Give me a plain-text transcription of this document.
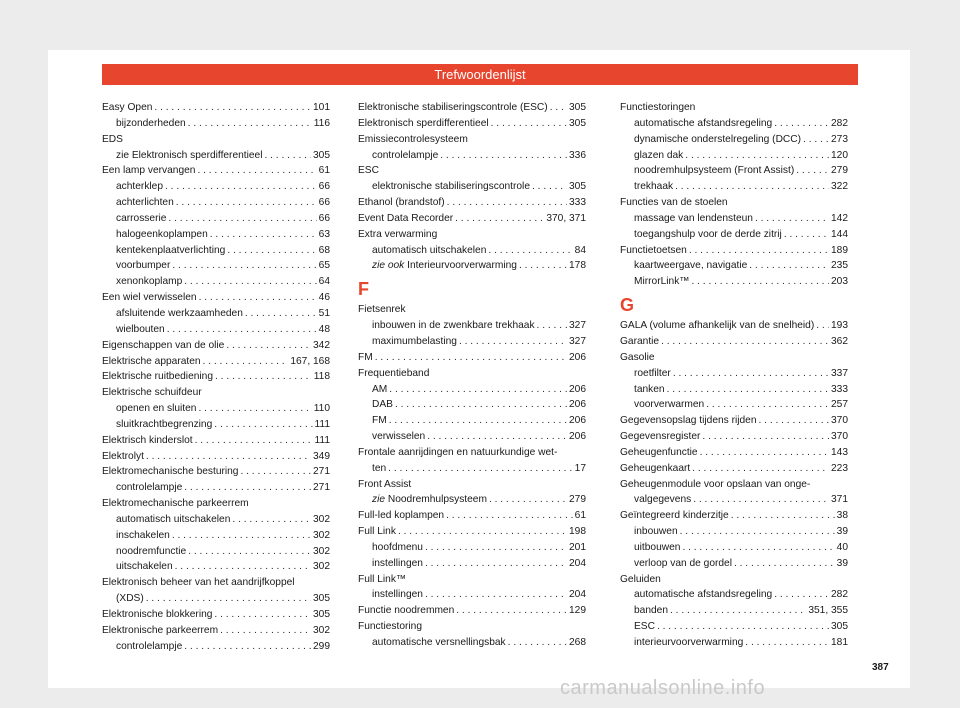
Trefwoordenlijst
Easy Open . . .	101
bijzonderheden . . .	116
EDS
zie Elektronisch sperdifferentieel . . .	305
Een lamp vervangen . . .	61
achterklep . . .	66
achterlichten . . .	66
carrosserie . . .	66
halogeenkoplampen . . .	63
kentekenplaatverlichting . . .	68
voorbumper . . .	65
xenonkoplamp . . .	64
Een wiel verwisselen . . .	46
afsluitende werkzaamheden . . .	51
wielbouten . . .	48
Eigenschappen van de olie . . .	342
Elektrische apparaten . . .	167, 168
Elektrische ruitbediening . . .	118
Elektrische schuifdeur
openen en sluiten . . .	110
sluitkrachtbegrenzing . . .	111
Elektrisch kinderslot . . .	111
Elektrolyt . . .	349
Elektromechanische besturing . . .	271
controlelampje . . .	271
Elektromechanische parkeerrem
automatisch uitschakelen . . .	302
inschakelen . . .	302
noodremfunctie . . .	302
uitschakelen . . .	302
Elektronisch beheer van het aandrijfkoppel
(XDS) . . .	305
Elektronische blokkering . . .	305
Elektronische parkeerrem . . .	302
controlelampje . . .	299
Elektronische stabiliseringscontrole (ESC) . . . 305
Elektronisch sperdifferentieel . . .	305
Emissiecontrolesysteem
controlelampje . . .	336
ESC
elektronische stabiliseringscontrole . . .	305
Ethanol (brandstof) . . .	333
Event Data Recorder . . .	370, 371
Extra verwarming
automatisch uitschakelen . . .	84
zie ook Interieurvoorverwarming . . .	178
F
Fietsenrek
inbouwen in de zwenkbare trekhaak . . .	327
maximumbelasting . . .	327
FM . . .	206
Frequentieband
AM . . .	206
DAB . . .	206
FM . . .	206
verwisselen . . .	206
Frontale aanrijdingen en natuurkundige wet-
ten . . .	17
Front Assist
zie Noodremhulpsysteem . . .	279
Full-led koplampen . . .	61
Full Link . . .	198
hoofdmenu . . .	201
instellingen . . .	204
Full Link™
instellingen . . .	204
Functie noodremmen . . .	129
Functiestoring
automatische versnellingsbak . . .	268
Functiestoringen
automatische afstandsregeling . . .	282
dynamische onderstelregeling (DCC) . . .	273
glazen dak . . .	120
noodremhulpsysteem (Front Assist) . . .	279
trekhaak . . .	322
Functies van de stoelen
massage van lendensteun . . .	142
toegangshulp voor de derde zitrij . . .	144
Functietoetsen . . .	189
kaartweergave, navigatie . . .	235
MirrorLink™ . . .	203
G
GALA (volume afhankelijk van de snelheid) . . . 193
Garantie . . .	362
Gasolie
roetfilter . . .	337
tanken . . .	333
voorverwarmen . . .	257
Gegevensopslag tijdens rijden . . .	370
Gegevensregister . . .	370
Geheugenfunctie . . .	143
Geheugenkaart . . .	223
Geheugenmodule voor opslaan van onge-
valgegevens . . .	371
Geïntegreerd kinderzitje . . .	38
inbouwen . . .	39
uitbouwen . . .	40
verloop van de gordel . . .	39
Geluiden
automatische afstandsregeling . . .	282
banden . . .	351, 355
ESC . . .	305
interieurvoorverwarming . . .	181
387
carmanualsonline.info
